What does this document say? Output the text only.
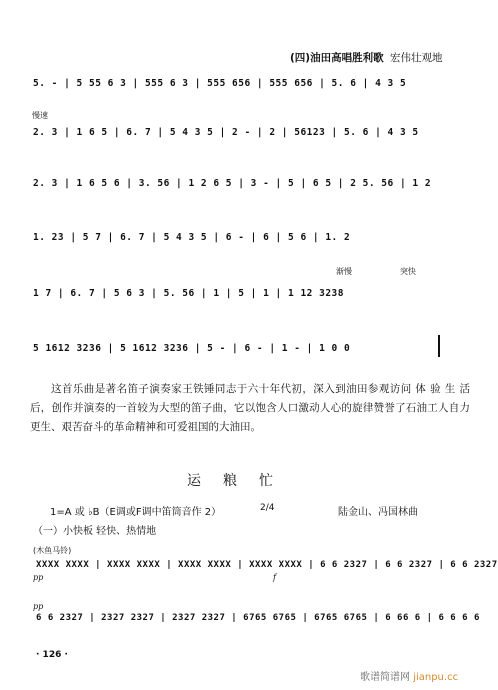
(四)油田高唱胜利歌 宏伟壮观地
5. - | 5 55 6 3 | 555 6 3 | 555 656 | 555 656 | 5. 6 | 4 3 5
慢速
2. 3 | 1 6 5 | 6. 7 | 5 4 3 5 | 2 - | 2 | 56123 | 5. 6 | 4 3 5
2. 3 | 1 6 5 6 | 3. 56 | 1 2 6 5 | 3 - | 5 | 6 5 | 2 5. 56 | 1 2
1. 23 | 5 7 | 6. 7 | 5 4 3 5 | 6 - | 6 | 5 6 | 1. 2
渐慢	突快
1 7 | 6. 7 | 5 6 3 | 5. 56 | 1 | 5 | 1 | 1 12 3238
5 1612 3236 | 5 1612 3236 | 5 - | 6 - | 1 - | 1 0 0
这首乐曲是著名笛子演奏家王铁锤同志于六十年代初，深入到油田参观访问 体 验 生 活后，创作并演奏的一首较为大型的笛子曲，它以饱含人口激动人心的旋律赞誉了石油工人自力更生、艰苦奋斗的革命精神和可爱祖国的大油田。
运粮忙
1=A 或 ♭B（E调或F调中笛筒音作 2）	2/4	陆金山、冯国林曲
（一）小快板 轻快、热情地
(木鱼马铃)
XXXX XXXX | XXXX XXXX | XXXX XXXX | XXXX XXXX | 6 6 2327 | 6 6 2327 | 6 6 2327
pp	f
pp
6 6 2327 | 2327 2327 | 2327 2327 | 6765 6765 | 6765 6765 | 6 66 6 | 6 6 6 6
· 126 ·
歌谱简谱网 jianpu.cc
